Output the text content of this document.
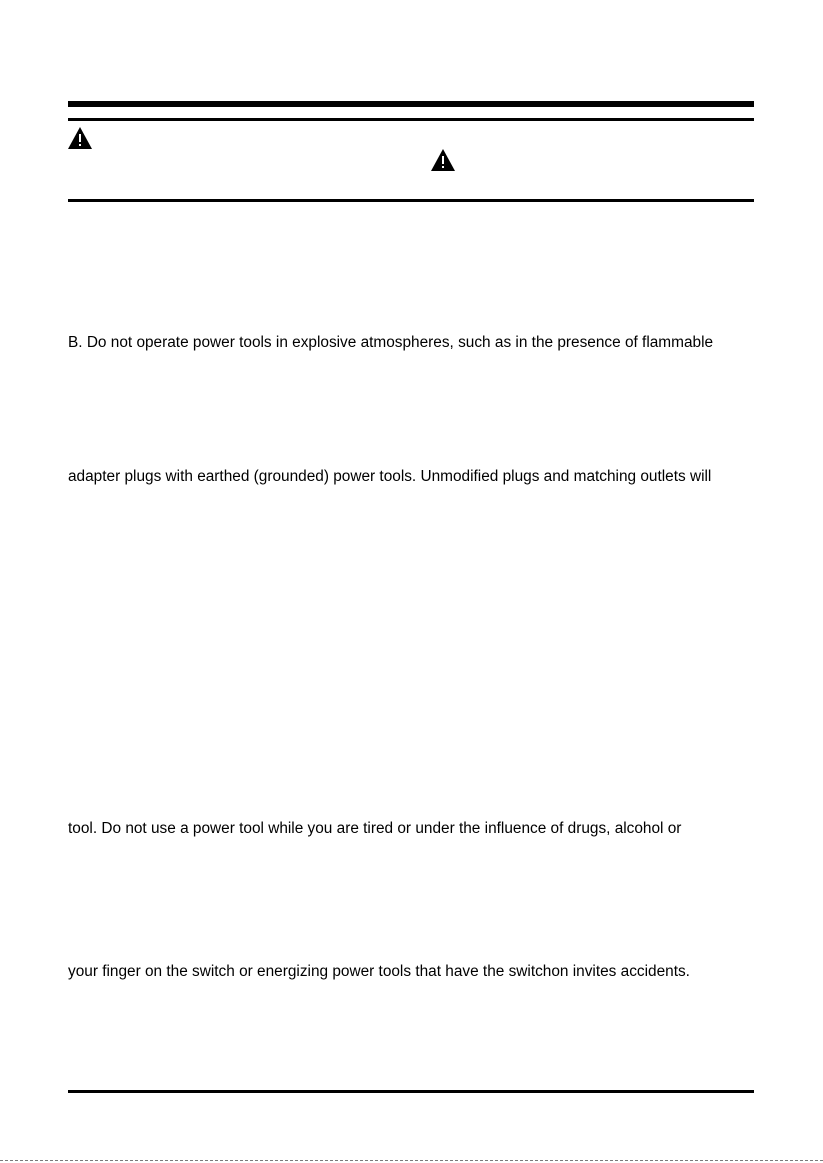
B. Do not operate power tools in explosive atmospheres, such as in the presence of flammable

adapter plugs with earthed (grounded) power tools. Unmodified plugs and matching outlets will

tool. Do not use a power tool while you are tired or under the influence of drugs, alcohol or

your finger on the switch or energizing power tools that have the switchon invites accidents.
